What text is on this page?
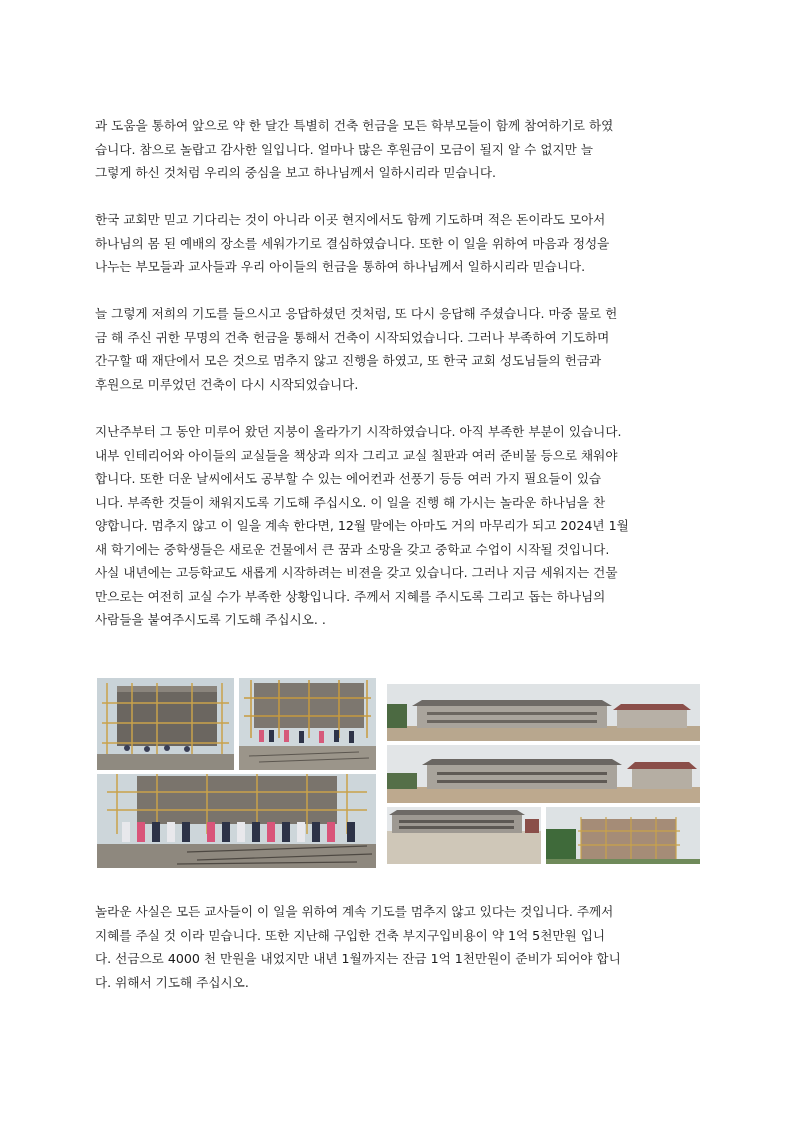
과 도움을 통하여 앞으로 약 한 달간 특별히 건축 헌금을 모든 학부모들이 함께 참여하기로 하였
습니다. 참으로 놀랍고 감사한 일입니다. 얼마나 많은 후원금이 모금이 될지 알 수 없지만 늘
그렇게 하신 것처럼 우리의 중심을 보고 하나님께서 일하시리라 믿습니다.
한국 교회만 믿고 기다리는 것이 아니라 이곳 현지에서도 함께 기도하며 적은 돈이라도 모아서
하나님의 몸 된 예배의 장소를 세워가기로 결심하였습니다. 또한 이 일을 위하여 마음과 정성을
나누는 부모들과 교사들과 우리 아이들의 헌금을 통하여 하나님께서 일하시리라 믿습니다.
늘 그렇게 저희의 기도를 들으시고 응답하셨던 것처럼, 또 다시 응답해 주셨습니다. 마중 물로 헌
금 해 주신 귀한 무명의 건축 헌금을 통해서 건축이 시작되었습니다. 그러나 부족하여 기도하며
간구할 때 재단에서 모은 것으로 멈추지 않고 진행을 하였고, 또 한국 교회 성도님들의 헌금과
후원으로 미루었던 건축이 다시 시작되었습니다.
지난주부터 그 동안 미루어 왔던 지붕이 올라가기 시작하였습니다. 아직 부족한 부분이 있습니다.
내부 인테리어와 아이들의 교실들을 책상과 의자 그리고 교실 칠판과 여러 준비물 등으로 채워야
합니다. 또한 더운 날씨에서도 공부할 수 있는 에어컨과 선풍기 등등 여러 가지 필요들이 있습
니다. 부족한 것들이 채워지도록 기도해 주십시오. 이 일을 진행 해 가시는 놀라운 하나님을 찬
양합니다. 멈추지 않고 이 일을 계속 한다면, 12월 말에는 아마도 거의 마무리가 되고 2024년 1월
새 학기에는 중학생들은 새로운 건물에서 큰 꿈과 소망을 갖고 중학교 수업이 시작될 것입니다.
사실 내년에는 고등학교도 새롭게 시작하려는 비젼을 갖고 있습니다. 그러나 지금 세워지는 건물
만으로는 여전히 교실 수가 부족한 상황입니다. 주께서 지혜를 주시도록 그리고 돕는 하나님의
사람들을 붙여주시도록 기도해 주십시오. .
놀라운 사실은 모든 교사들이 이 일을 위하여 계속 기도를 멈추지 않고 있다는 것입니다. 주께서
지혜를 주실 것 이라 믿습니다. 또한 지난해 구입한 건축 부지구입비용이 약 1억 5천만원 입니
다. 선금으로 4000 천 만원을 내었지만 내년 1월까지는 잔금 1억 1천만원이 준비가 되어야 합니
다. 위해서 기도해 주십시오.
